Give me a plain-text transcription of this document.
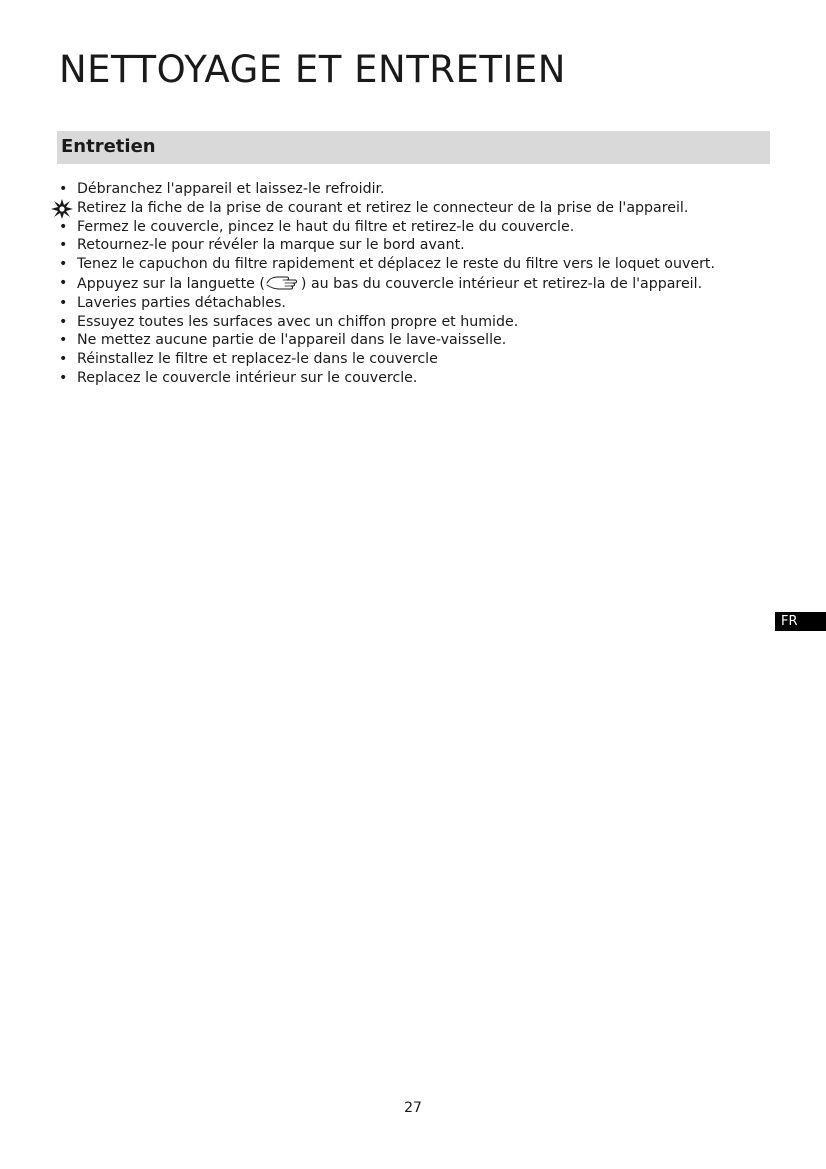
NETTOYAGE ET ENTRETIEN
Entretien
• Débranchez l'appareil et laissez-le refroidir.
Retirez la fiche de la prise de courant et retirez le connecteur de la prise de l'appareil.
• Fermez le couvercle, pincez le haut du filtre et retirez-le du couvercle.
• Retournez-le pour révéler la marque sur le bord avant.
• Tenez le capuchon du filtre rapidement et déplacez le reste du filtre vers le loquet ouvert.
• Appuyez sur la languette (	) au bas du couvercle intérieur et retirez-la de l'appareil.
• Laveries parties détachables.
• Essuyez toutes les surfaces avec un chiffon propre et humide.
• Ne mettez aucune partie de l'appareil dans le lave-vaisselle.
• Réinstallez le filtre et replacez-le dans le couvercle
• Replacez le couvercle intérieur sur le couvercle.
FR
27
